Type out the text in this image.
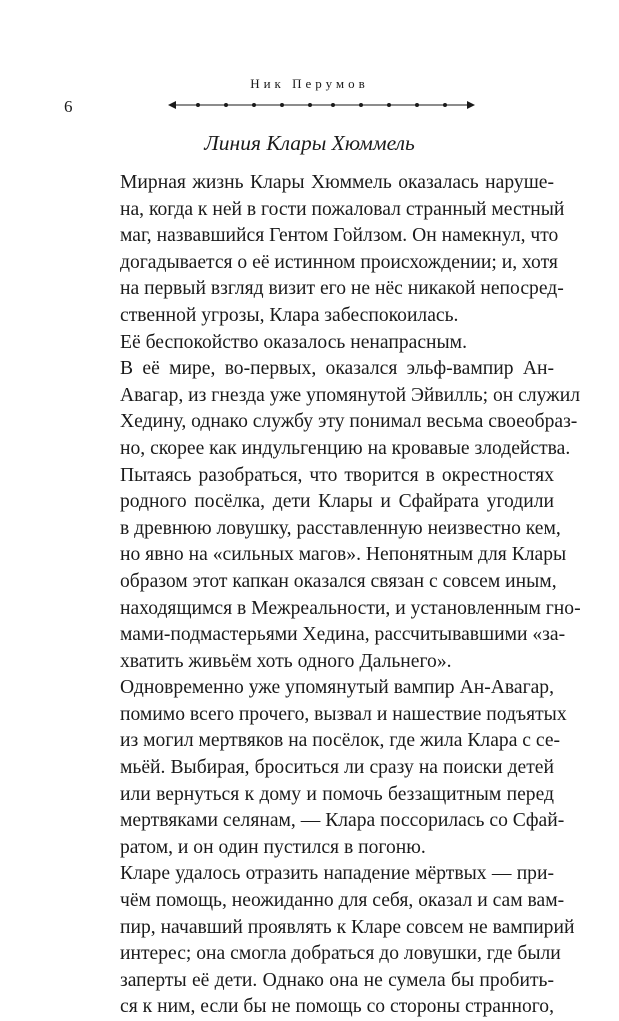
Ник Перумов
6
Линия Клары Хюммель

Мирная жизнь Клары Хюммель оказалась наруше-
на, когда к ней в гости пожаловал странный местный
маг, назвавшийся Гентом Гойлзом. Он намекнул, что
догадывается о её истинном происхождении; и, хотя
на первый взгляд визит его не нёс никакой непосред-
ственной угрозы, Клара забеспокоилась.

Её беспокойство оказалось ненапрасным.

В её мире, во-первых, оказался эльф-вампир Ан-
Авагар, из гнезда уже упомянутой Эйвилль; он служил
Хедину, однако службу эту понимал весьма своеобраз-
но, скорее как индульгенцию на кровавые злодейства.

Пытаясь разобраться, что творится в окрестностях
родного посёлка, дети Клары и Сфайрата угодили
в древнюю ловушку, расставленную неизвестно кем,
но явно на «сильных магов». Непонятным для Клары
образом этот капкан оказался связан с совсем иным,
находящимся в Межреальности, и установленным гно-
мами-подмастерьями Хедина, рассчитывавшими «за-
хватить живьём хоть одного Дальнего».

Одновременно уже упомянутый вампир Ан-Авагар,
помимо всего прочего, вызвал и нашествие подъятых
из могил мертвяков на посёлок, где жила Клара с се-
мьёй. Выбирая, броситься ли сразу на поиски детей
или вернуться к дому и помочь беззащитным перед
мертвяками селянам, — Клара поссорилась со Сфай-
ратом, и он один пустился в погоню.

Кларе удалось отразить нападение мёртвых — при-
чём помощь, неожиданно для себя, оказал и сам вам-
пир, начавший проявлять к Кларе совсем не вампирий
интерес; она смогла добраться до ловушки, где были
заперты её дети. Однако она не сумела бы пробить-
ся к ним, если бы не помощь со стороны странного,
